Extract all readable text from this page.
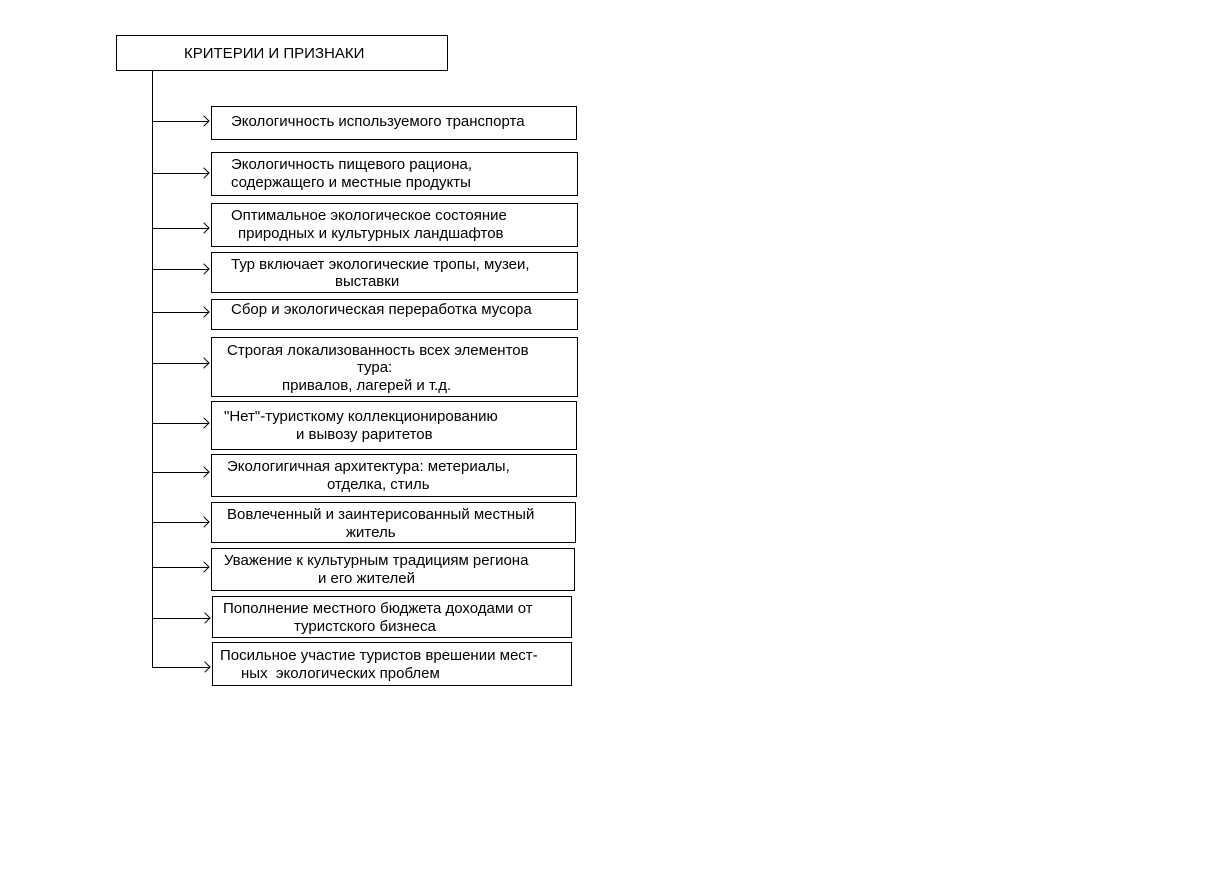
КРИТЕРИИ И ПРИЗНАКИ
Экологичность используемого транспорта
Экологичность пищевого рациона,
содержащего и местные продукты
Оптимальное экологическое состояние
природных и культурных ландшафтов
Тур включает экологические тропы, музеи,
выставки
Сбор и экологическая переработка мусора
Строгая локализованность всех элементов
тура:
привалов, лагерей и т.д.
"Нет"-туристкому коллекционированию
и вывозу раритетов
Экологигичная архитектура: метериалы,
отделка, стиль
Вовлеченный и заинтерисованный местный
житель
Уважение к культурным традициям региона
и его жителей
Пополнение местного бюджета доходами от
туристского бизнеса
Посильное участие туристов врешении мест-
ных  экологических проблем
